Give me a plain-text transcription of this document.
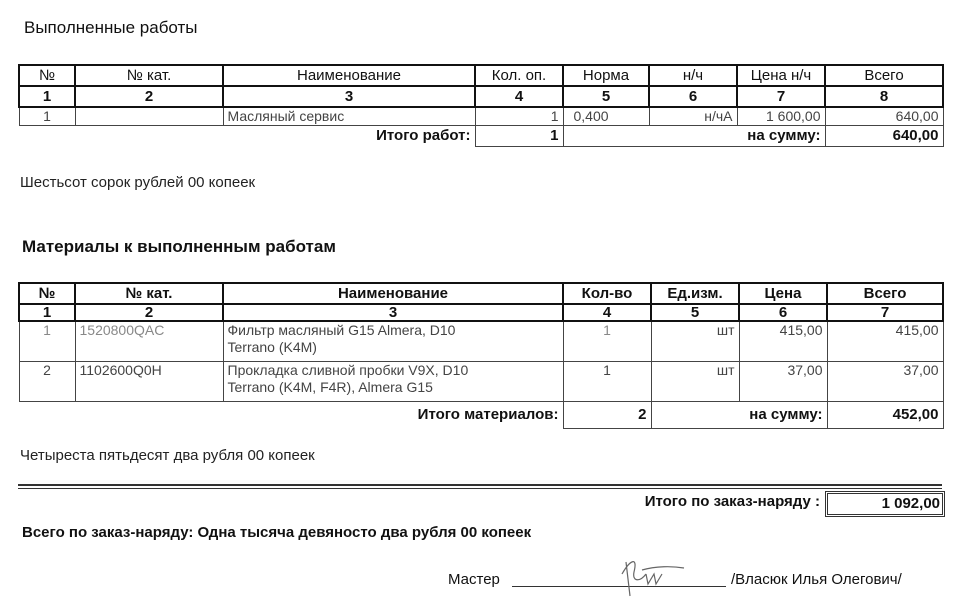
Выполненные работы
№	№ кат.	Наименование	Кол. оп.	Норма	н/ч	Цена н/ч	Всего
1	2	3	4	5	6	7	8
1		Масляный сервис	1	0,400	н/чА	1 600,00	640,00
Итого работ:			1	на сумму:			640,00
Шестьсот сорок рублей 00 копеек
Материалы к выполненным работам
№	№ кат.	Наименование	Кол-во	Ед.изм.	Цена	Всего
1	2	3	4	5	6	7
1	1520800QAC	Фильтр масляный G15 Almera, D10 Terrano (K4M)	1	шт	415,00	415,00
2	1102600Q0H	Прокладка сливной пробки V9X, D10 Terrano (K4M, F4R), Almera G15	1	шт	37,00	37,00
Итого материалов:			2	на сумму:		452,00
Четыреста пятьдесят два рубля 00 копеек
Итого по заказ-наряду :	1 092,00
Всего по заказ-наряду: Одна тысяча девяносто два рубля 00 копеек
Мастер	/Власюк Илья Олегович/
